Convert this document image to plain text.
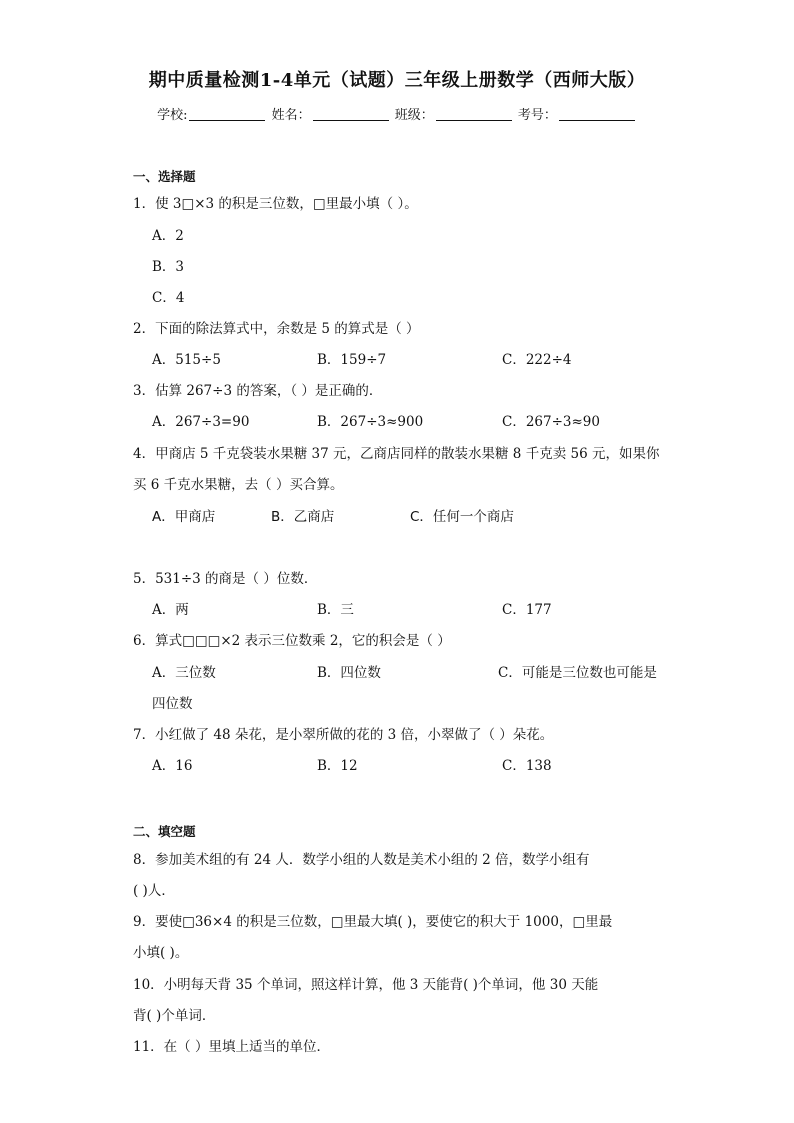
期中质量检测1-4单元（试题）三年级上册数学（西师大版）
学校:	姓名：	班级：	考号：
一、选择题
1．使 3□×3 的积是三位数，□里最小填（ ）。
A．2
B．3
C．4
2．下面的除法算式中，余数是 5 的算式是（ ）
A．515÷5	B．159÷7	C．222÷4
3．估算 267÷3 的答案，（ ）是正确的．
A．267÷3=90	B．267÷3≈900	C．267÷3≈90
4．甲商店 5 千克袋装水果糖 37 元，乙商店同样的散装水果糖 8 千克卖 56 元，如果你
买 6 千克水果糖，去（ ）买合算。
A．甲商店	B．乙商店	C．任何一个商店
5．531÷3 的商是（ ）位数．
A．两	B．三	C．177
6．算式□□□×2 表示三位数乘 2，它的积会是（ ）
A．三位数	B．四位数	C．可能是三位数也可能是
四位数
7．小红做了 48 朵花，是小翠所做的花的 3 倍，小翠做了（ ）朵花。
A．16	B．12	C．138
二、填空题
8．参加美术组的有 24 人．数学小组的人数是美术小组的 2 倍，数学小组有
( )人．
9．要使□36×4 的积是三位数，□里最大填( )，要使它的积大于 1000，□里最
小填( )。
10．小明每天背 35 个单词，照这样计算，他 3 天能背( )个单词，他 30 天能
背( )个单词．
11．在（ ）里填上适当的单位．
